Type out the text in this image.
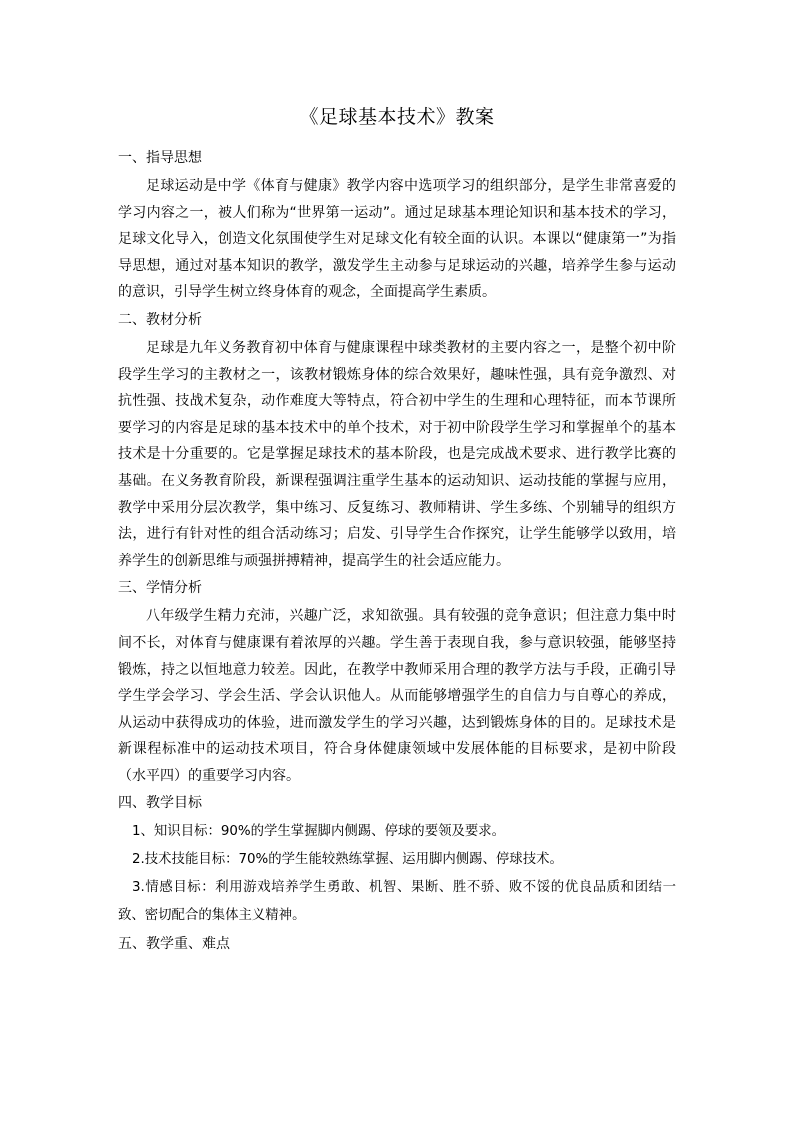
《足球基本技术》教案
一、指导思想
足球运动是中学《体育与健康》教学内容中选项学习的组织部分，是学生非常喜爱的学习内容之一，被人们称为“世界第一运动”。通过足球基本理论知识和基本技术的学习，足球文化导入，创造文化氛围使学生对足球文化有较全面的认识。本课以“健康第一”为指导思想，通过对基本知识的教学，激发学生主动参与足球运动的兴趣，培养学生参与运动的意识，引导学生树立终身体育的观念，全面提高学生素质。
二、教材分析
足球是九年义务教育初中体育与健康课程中球类教材的主要内容之一，是整个初中阶段学生学习的主教材之一，该教材锻炼身体的综合效果好，趣味性强，具有竞争激烈、对抗性强、技战术复杂，动作难度大等特点，符合初中学生的生理和心理特征，而本节课所要学习的内容是足球的基本技术中的单个技术，对于初中阶段学生学习和掌握单个的基本技术是十分重要的。它是掌握足球技术的基本阶段，也是完成战术要求、进行教学比赛的基础。在义务教育阶段，新课程强调注重学生基本的运动知识、运动技能的掌握与应用，教学中采用分层次教学，集中练习、反复练习、教师精讲、学生多练、个别辅导的组织方法，进行有针对性的组合活动练习；启发、引导学生合作探究，让学生能够学以致用，培养学生的创新思维与顽强拼搏精神，提高学生的社会适应能力。
三、学情分析
八年级学生精力充沛，兴趣广泛，求知欲强。具有较强的竞争意识；但注意力集中时间不长，对体育与健康课有着浓厚的兴趣。学生善于表现自我，参与意识较强，能够坚持锻炼，持之以恒地意力较差。因此，在教学中教师采用合理的教学方法与手段，正确引导学生学会学习、学会生活、学会认识他人。从而能够增强学生的自信力与自尊心的养成，从运动中获得成功的体验，进而激发学生的学习兴趣，达到锻炼身体的目的。足球技术是新课程标准中的运动技术项目，符合身体健康领域中发展体能的目标要求，是初中阶段（水平四）的重要学习内容。
四、教学目标
1、知识目标：90%的学生掌握脚内侧踢、停球的要领及要求。
2.技术技能目标：70%的学生能较熟练掌握、运用脚内侧踢、停球技术。
3.情感目标：利用游戏培养学生勇敢、机智、果断、胜不骄、败不馁的优良品质和团结一致、密切配合的集体主义精神。
五、教学重、难点
